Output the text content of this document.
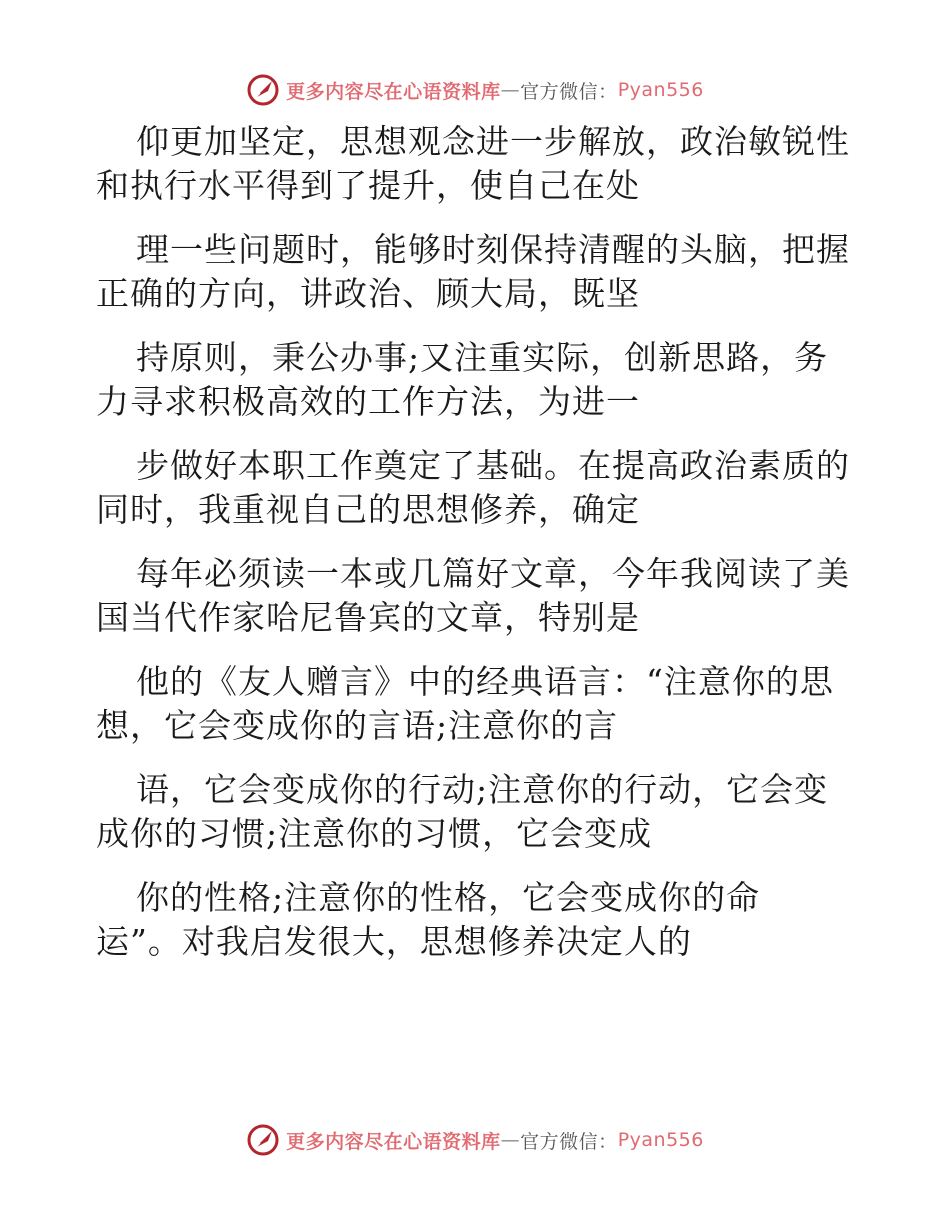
更多内容尽在心语资料库 — 官方微信： Pyan556
仰更加坚定，思想观念进一步解放，政治敏锐性
和执行水平得到了提升，使自己在处
理一些问题时，能够时刻保持清醒的头脑，把握
正确的方向，讲政治、顾大局，既坚
持原则，秉公办事;又注重实际，创新思路，务
力寻求积极高效的工作方法，为进一
步做好本职工作奠定了基础。在提高政治素质的
同时，我重视自己的思想修养，确定
每年必须读一本或几篇好文章，今年我阅读了美
国当代作家哈尼鲁宾的文章，特别是
他的《友人赠言》中的经典语言：“注意你的思
想，它会变成你的言语;注意你的言
语，它会变成你的行动;注意你的行动，它会变
成你的习惯;注意你的习惯，它会变成
你的性格;注意你的性格，它会变成你的命
运”。对我启发很大，思想修养决定人的
更多内容尽在心语资料库 — 官方微信： Pyan556
